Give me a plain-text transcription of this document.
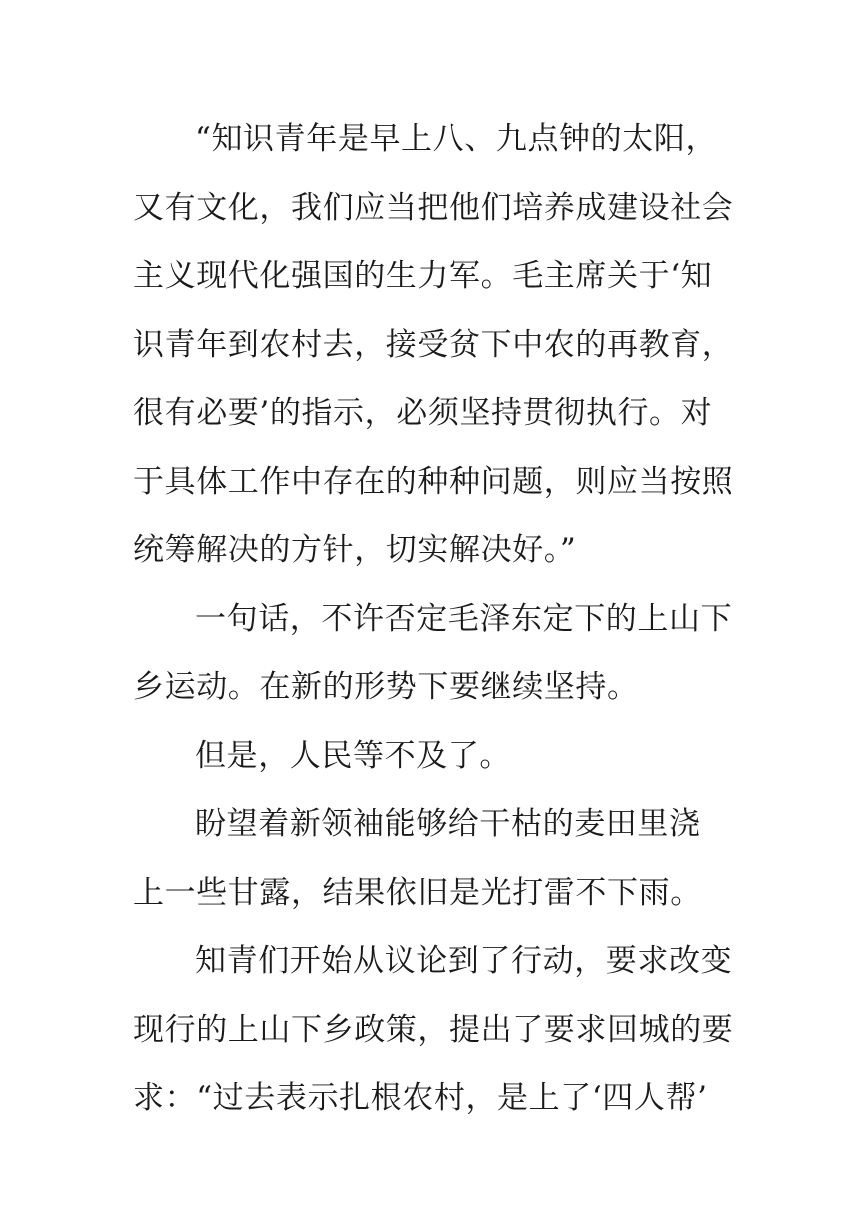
“知识青年是早上八、九点钟的太阳，
又有文化，我们应当把他们培养成建设社会
主义现代化强国的生力军。毛主席关于‘知
识青年到农村去，接受贫下中农的再教育，
很有必要’的指示，必须坚持贯彻执行。对
于具体工作中存在的种种问题，则应当按照
统筹解决的方针，切实解决好。”
一句话，不许否定毛泽东定下的上山下
乡运动。在新的形势下要继续坚持。
但是，人民等不及了。
盼望着新领袖能够给干枯的麦田里浇
上一些甘露，结果依旧是光打雷不下雨。
知青们开始从议论到了行动，要求改变
现行的上山下乡政策，提出了要求回城的要
求：“过去表示扎根农村，是上了‘四人帮’
